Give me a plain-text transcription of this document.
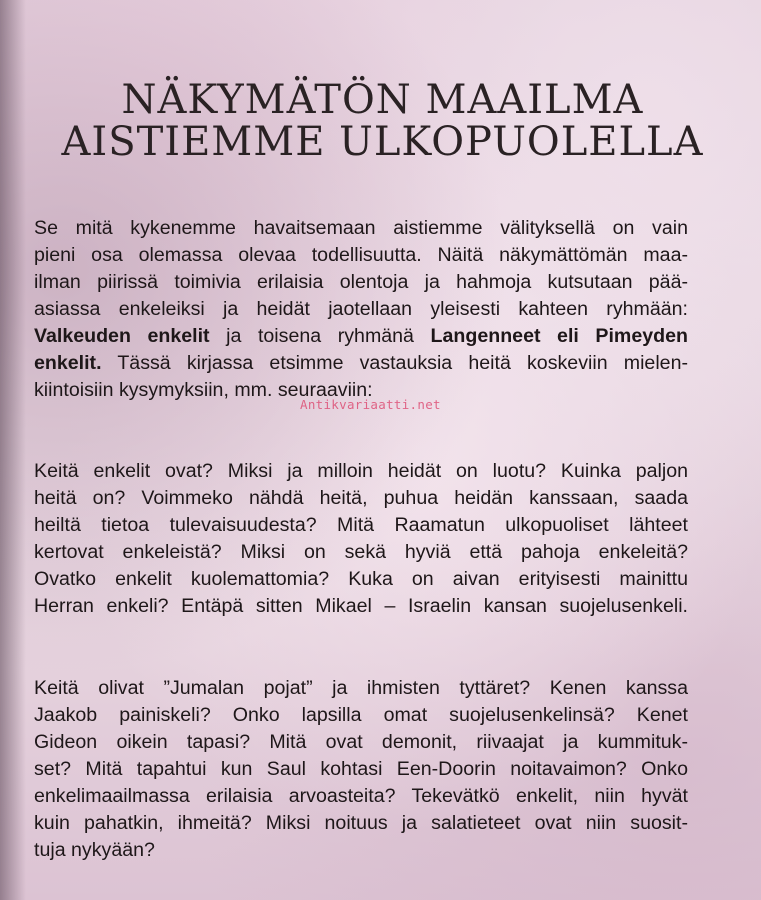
NÄKYMÄTÖN MAAILMA
AISTIEMME ULKOPUOLELLA
Se mitä kykenemme havaitsemaan aistiemme välityksellä on vain
pieni osa olemassa olevaa todellisuutta. Näitä näkymättömän maa-
ilman piirissä toimivia erilaisia olentoja ja hahmoja kutsutaan pää-
asiassa enkeleiksi ja heidät jaotellaan yleisesti kahteen ryhmään:
Valkeuden enkelit ja toisena ryhmänä Langenneet eli Pimeyden
enkelit. Tässä kirjassa etsimme vastauksia heitä koskeviin mielen-
kiintoisiin kysymyksiin, mm. seuraaviin:
Antikvariaatti.net
Keitä enkelit ovat? Miksi ja milloin heidät on luotu? Kuinka paljon
heitä on? Voimmeko nähdä heitä, puhua heidän kanssaan, saada
heiltä tietoa tulevaisuudesta? Mitä Raamatun ulkopuoliset lähteet
kertovat enkeleistä? Miksi on sekä hyviä että pahoja enkeleitä?
Ovatko enkelit kuolemattomia? Kuka on aivan erityisesti mainittu
Herran enkeli? Entäpä sitten Mikael – Israelin kansan suojelusenkeli.
Keitä olivat ”Jumalan pojat” ja ihmisten tyttäret? Kenen kanssa
Jaakob painiskeli? Onko lapsilla omat suojelusenkelinsä? Kenet
Gideon oikein tapasi? Mitä ovat demonit, riivaajat ja kummituk-
set? Mitä tapahtui kun Saul kohtasi Een-Doorin noitavaimon? Onko
enkelimaailmassa erilaisia arvoasteita? Tekevätkö enkelit, niin hyvät
kuin pahatkin, ihmeitä? Miksi noituus ja salatieteet ovat niin suosit-
tuja nykyään?
